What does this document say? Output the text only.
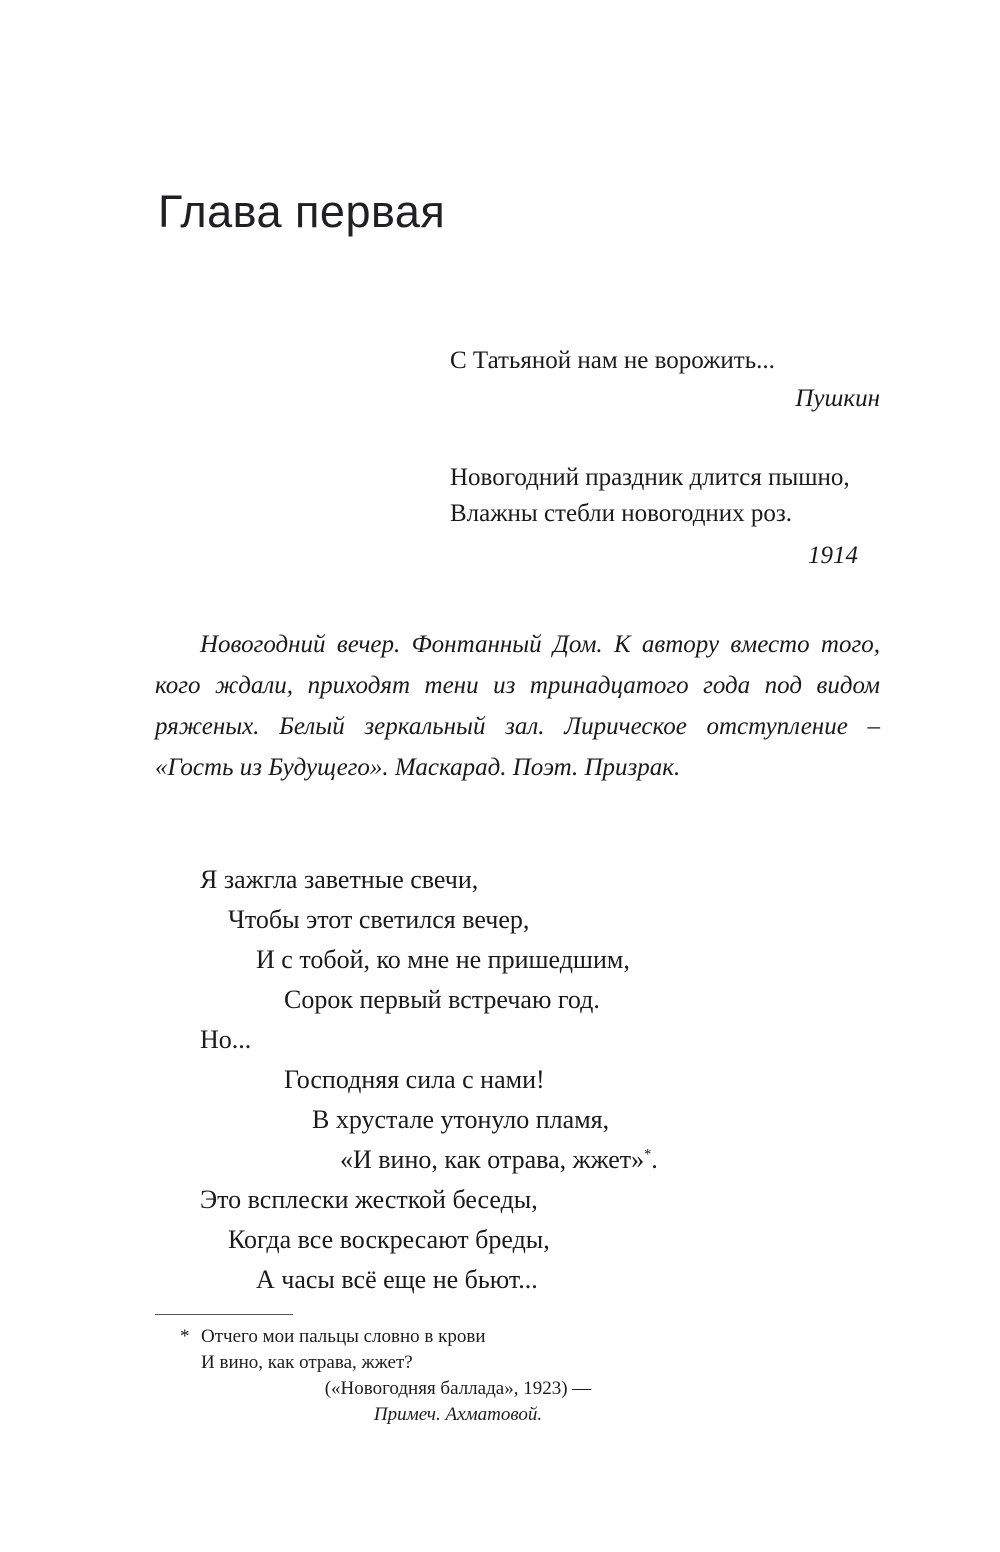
Глава первая
С Татьяной нам не ворожить...
Пушкин
Новогодний праздник длится пышно,
Влажны стебли новогодних роз.
1914

Новогодний вечер. Фонтанный Дом. К автору вместо того, кого ждали, приходят тени из тринадцатого года под видом ряженых. Белый зеркальный зал. Лирическое отступление – «Гость из Будущего». Маскарад. Поэт. Призрак.

Я зажгла заветные свечи,
Чтобы этот светился вечер,
И с тобой, ко мне не пришедшим,
Сорок первый встречаю год.
Но...
Господняя сила с нами!
В хрустале утонуло пламя,
«И вино, как отрава, жжет»*.
Это всплески жесткой беседы,
Когда все воскресают бреды,
А часы всё еще не бьют...
* Отчего мои пальцы словно в крови
И вино, как отрава, жжет?
(«Новогодняя баллада», 1923) —
Примеч. Ахматовой.
